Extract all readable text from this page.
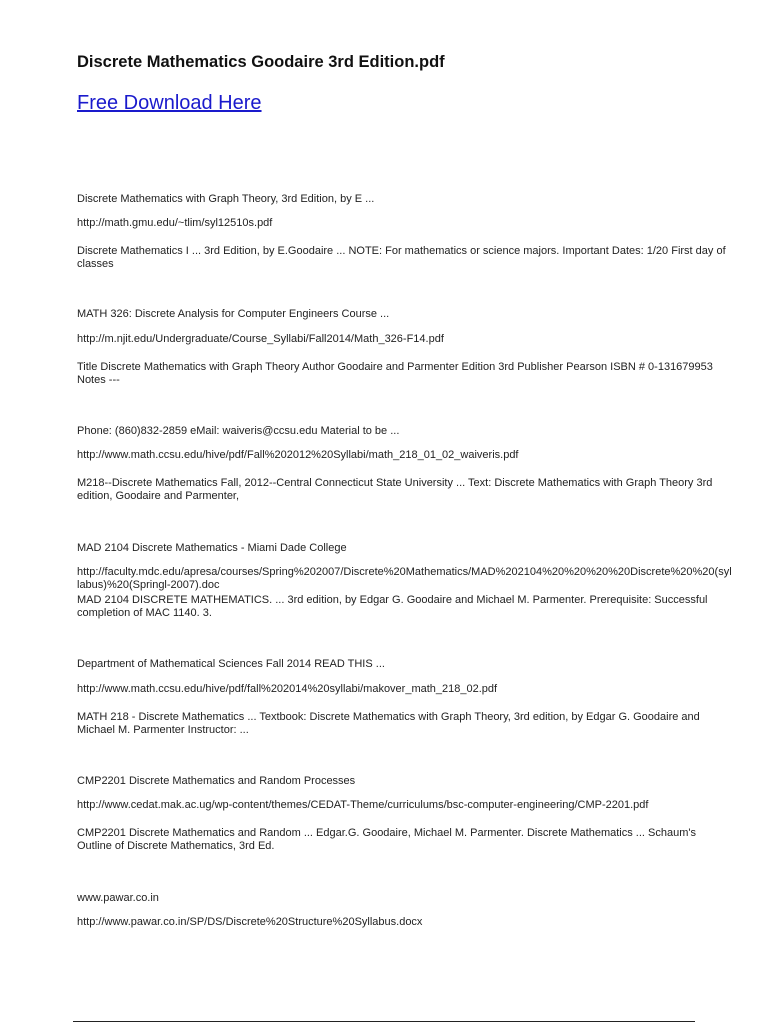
Discrete Mathematics Goodaire 3rd Edition.pdf
Free Download Here
Discrete Mathematics with Graph Theory, 3rd Edition, by E ...
http://math.gmu.edu/~tlim/syl12510s.pdf
Discrete Mathematics I ... 3rd Edition, by E.Goodaire ... NOTE: For mathematics or science majors. Important Dates: 1/20 First day of classes
MATH 326: Discrete Analysis for Computer Engineers Course ...
http://m.njit.edu/Undergraduate/Course_Syllabi/Fall2014/Math_326-F14.pdf
Title Discrete Mathematics with Graph Theory Author Goodaire and Parmenter Edition 3rd Publisher Pearson ISBN # 0-131679953 Notes ---
Phone: (860)832-2859 eMail: waiveris@ccsu.edu Material to be ...
http://www.math.ccsu.edu/hive/pdf/Fall%202012%20Syllabi/math_218_01_02_waiveris.pdf
M218--Discrete Mathematics Fall, 2012--Central Connecticut State University ... Text: Discrete Mathematics with Graph Theory 3rd edition, Goodaire and Parmenter,
MAD 2104 Discrete Mathematics - Miami Dade College
http://faculty.mdc.edu/apresa/courses/Spring%202007/Discrete%20Mathematics/MAD%202104%20%20%20%20Discrete%20%20(syllabus)%20(Springl-2007).doc
MAD 2104 DISCRETE MATHEMATICS. ... 3rd edition, by Edgar G. Goodaire and Michael M. Parmenter. Prerequisite: Successful completion of MAC 1140. 3.
Department of Mathematical Sciences Fall 2014 READ THIS ...
http://www.math.ccsu.edu/hive/pdf/fall%202014%20syllabi/makover_math_218_02.pdf
MATH 218 - Discrete Mathematics ... Textbook: Discrete Mathematics with Graph Theory, 3rd edition, by Edgar G. Goodaire and Michael M. Parmenter Instructor: ...
CMP2201 Discrete Mathematics and Random Processes
http://www.cedat.mak.ac.ug/wp-content/themes/CEDAT-Theme/curriculums/bsc-computer-engineering/CMP-2201.pdf
CMP2201 Discrete Mathematics and Random ... Edgar.G. Goodaire, Michael M. Parmenter. Discrete Mathematics ... Schaum's Outline of Discrete Mathematics, 3rd Ed.
www.pawar.co.in
http://www.pawar.co.in/SP/DS/Discrete%20Structure%20Syllabus.docx
